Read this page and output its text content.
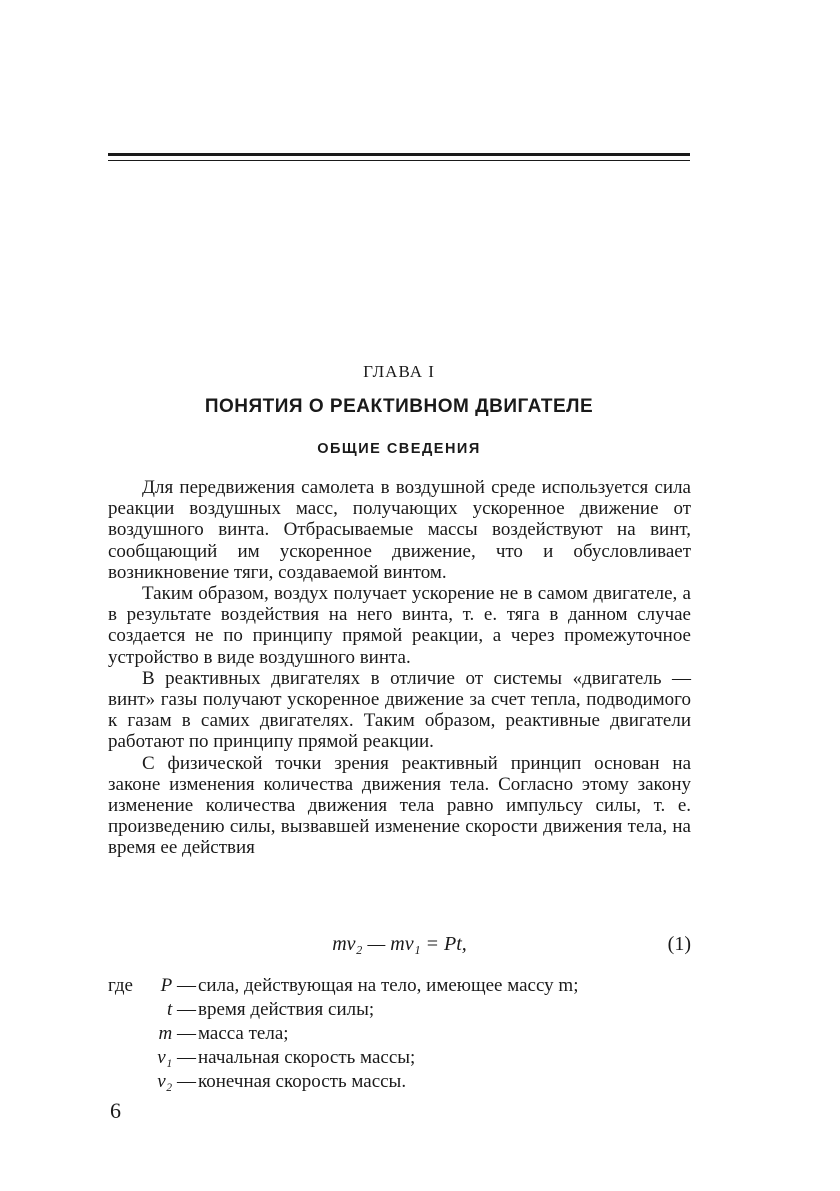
ГЛАВА I
ПОНЯТИЯ О РЕАКТИВНОМ ДВИГАТЕЛЕ
ОБЩИЕ СВЕДЕНИЯ

Для передвижения самолета в воздушной среде используется сила реакции воздушных масс, получающих ускоренное движение от воздушного винта. Отбрасываемые массы воздействуют на винт, сообщающий им ускоренное движение, что и обусловливает возникновение тяги, создаваемой винтом.

Таким образом, воздух получает ускорение не в самом двигателе, а в результате воздействия на него винта, т. е. тяга в данном случае создается не по принципу прямой реакции, а через промежуточное устройство в виде воздушного винта.

В реактивных двигателях в отличие от системы «двигатель — винт» газы получают ускоренное движение за счет тепла, подводимого к газам в самих двигателях. Таким образом, реактивные двигатели работают по принципу прямой реакции.

С физической точки зрения реактивный принцип основан на законе изменения количества движения тела. Согласно этому закону изменение количества движения тела равно импульсу силы, т. е. произведению силы, вызвавшей изменение скорости движения тела, на время ее действия

mv₂ — mv₁ = Pt,	(1)
где P — сила, действующая на тело, имеющее массу m;
t — время действия силы;
m — масса тела;
v₁ — начальная скорость массы;
v₂ — конечная скорость массы.
6
